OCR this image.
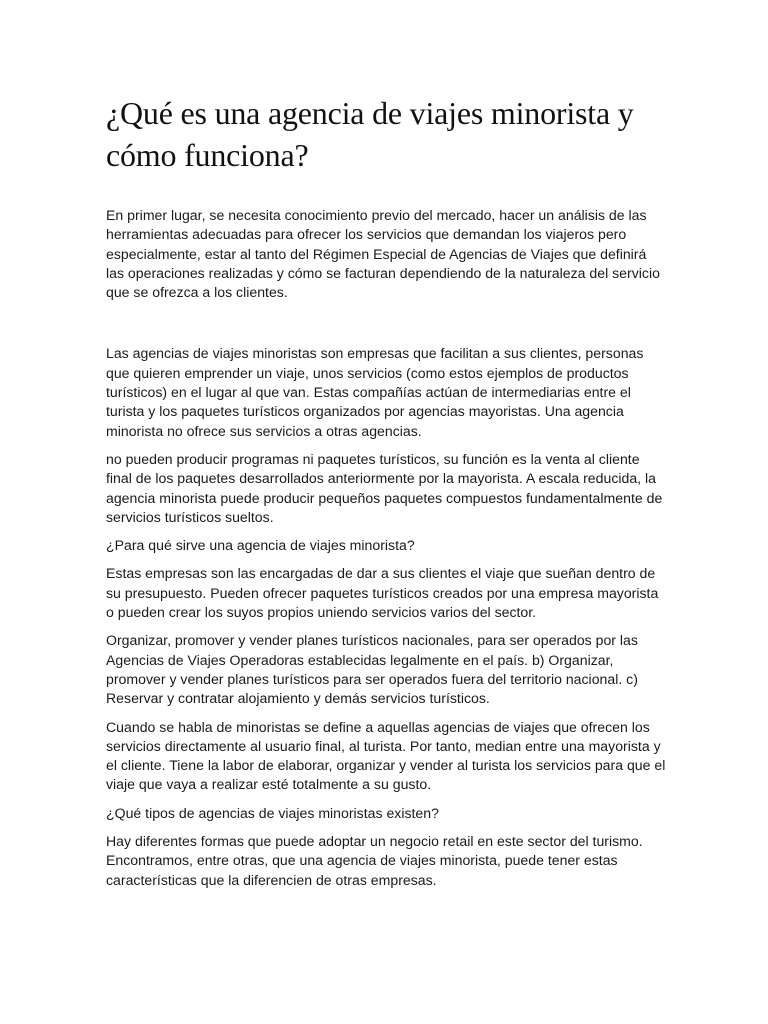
¿Qué es una agencia de viajes minorista y cómo funciona?

En primer lugar, se necesita conocimiento previo del mercado, hacer un análisis de las herramientas adecuadas para ofrecer los servicios que demandan los viajeros pero especialmente, estar al tanto del Régimen Especial de Agencias de Viajes que definirá las operaciones realizadas y cómo se facturan dependiendo de la naturaleza del servicio que se ofrezca a los clientes.

Las agencias de viajes minoristas son empresas que facilitan a sus clientes, personas que quieren emprender un viaje, unos servicios (como estos ejemplos de productos turísticos) en el lugar al que van. Estas compañías actúan de intermediarias entre el turista y los paquetes turísticos organizados por agencias mayoristas. Una agencia minorista no ofrece sus servicios a otras agencias.

no pueden producir programas ni paquetes turísticos, su función es la venta al cliente final de los paquetes desarrollados anteriormente por la mayorista. A escala reducida, la agencia minorista puede producir pequeños paquetes compuestos fundamentalmente de servicios turísticos sueltos.

¿Para qué sirve una agencia de viajes minorista?

Estas empresas son las encargadas de dar a sus clientes el viaje que sueñan dentro de su presupuesto. Pueden ofrecer paquetes turísticos creados por una empresa mayorista o pueden crear los suyos propios uniendo servicios varios del sector.

Organizar, promover y vender planes turísticos nacionales, para ser operados por las Agencias de Viajes Operadoras establecidas legalmente en el país. b) Organizar, promover y vender planes turísticos para ser operados fuera del territorio nacional. c) Reservar y contratar alojamiento y demás servicios turísticos.

Cuando se habla de minoristas se define a aquellas agencias de viajes que ofrecen los servicios directamente al usuario final, al turista. Por tanto, median entre una mayorista y el cliente. Tiene la labor de elaborar, organizar y vender al turista los servicios para que el viaje que vaya a realizar esté totalmente a su gusto.

¿Qué tipos de agencias de viajes minoristas existen?

Hay diferentes formas que puede adoptar un negocio retail en este sector del turismo. Encontramos, entre otras, que una agencia de viajes minorista, puede tener estas características que la diferencien de otras empresas.
